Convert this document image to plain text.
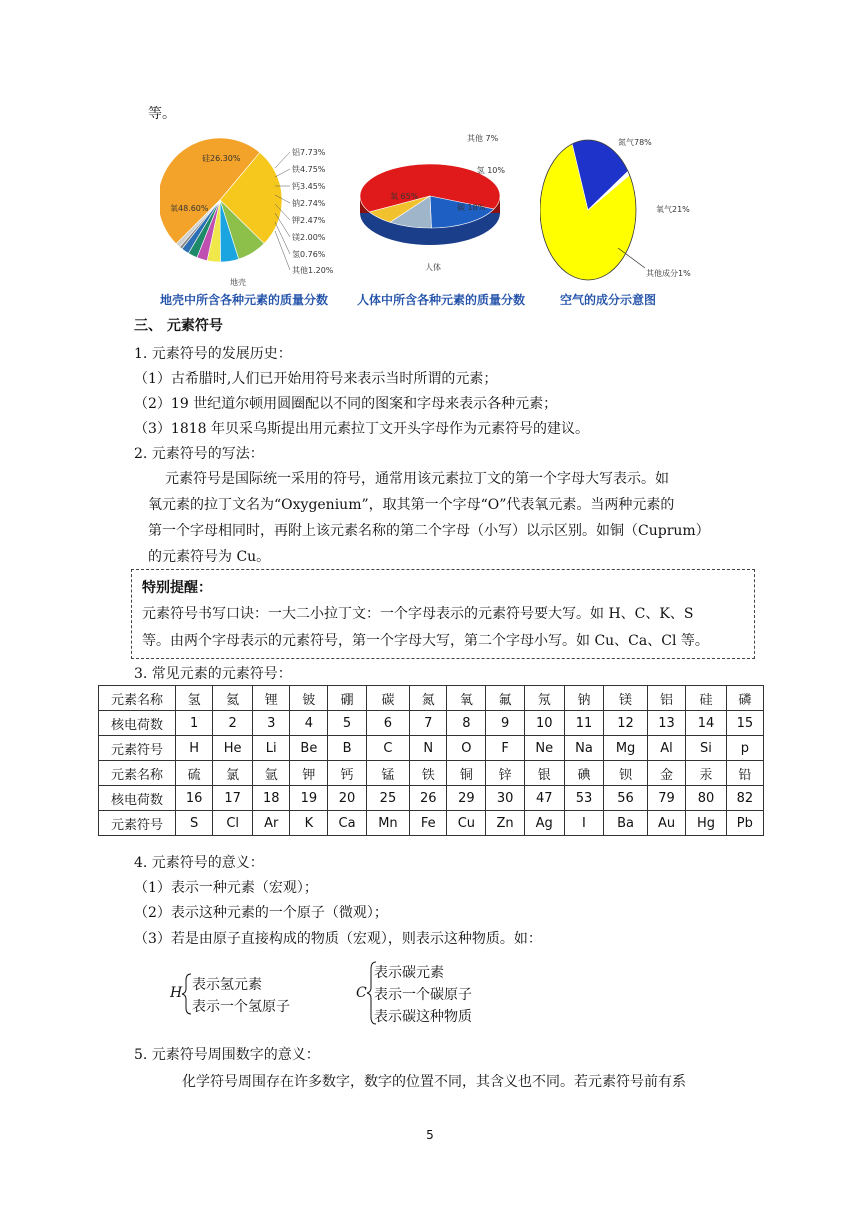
等。
硅26.30%
氧48.60%
铝7.73%
铁4.75%
钙3.45%
钠2.74%
钾2.47%
镁2.00%
氢0.76%
其他1.20%
地壳
地壳中所含各种元素的质量分数
其他 7%
氢 10%
氧 65%
碳 18%
人体
人体中所含各种元素的质量分数
氮气78%
氧气21%
其他成分1%
空气的成分示意图
三、 元素符号
1. 元素符号的发展历史：
（1）古希腊时,人们已开始用符号来表示当时所谓的元素；
（2）19 世纪道尔顿用圆圈配以不同的图案和字母来表示各种元素；
（3）1818 年贝采乌斯提出用元素拉丁文开头字母作为元素符号的建议。
2. 元素符号的写法：
元素符号是国际统一采用的符号，通常用该元素拉丁文的第一个字母大写表示。如
氧元素的拉丁文名为“Oxygenium”，取其第一个字母“O”代表氧元素。当两种元素的
第一个字母相同时，再附上该元素名称的第二个字母（小写）以示区别。如铜（Cuprum）
的元素符号为 Cu。
特别提醒：
元素符号书写口诀：一大二小拉丁文：一个字母表示的元素符号要大写。如 H、C、K、S
等。由两个字母表示的元素符号，第一个字母大写，第二个字母小写。如 Cu、Ca、Cl 等。
3. 常见元素的元素符号：
元素名称	氢	氦	锂	铍	硼	碳	氮	氧	氟	氖	钠	镁	铝	硅	磷
核电荷数	1	2	3	4	5	6	7	8	9	10	11	12	13	14	15
元素符号	H	He	Li	Be	B	C	N	O	F	Ne	Na	Mg	Al	Si	p
元素名称	硫	氯	氩	钾	钙	锰	铁	铜	锌	银	碘	钡	金	汞	铅
核电荷数	16	17	18	19	20	25	26	29	30	47	53	56	79	80	82
元素符号	S	Cl	Ar	K	Ca	Mn	Fe	Cu	Zn	Ag	I	Ba	Au	Hg	Pb
4. 元素符号的意义：
（1）表示一种元素（宏观）；
（2）表示这种元素的一个原子（微观）；
（3）若是由原子直接构成的物质（宏观），则表示这种物质。如：
H 表示氢元素
表示一个氢原子
C
表示碳元素
表示一个碳原子
表示碳这种物质
5. 元素符号周围数字的意义：
化学符号周围存在许多数字，数字的位置不同，其含义也不同。若元素符号前有系
5
